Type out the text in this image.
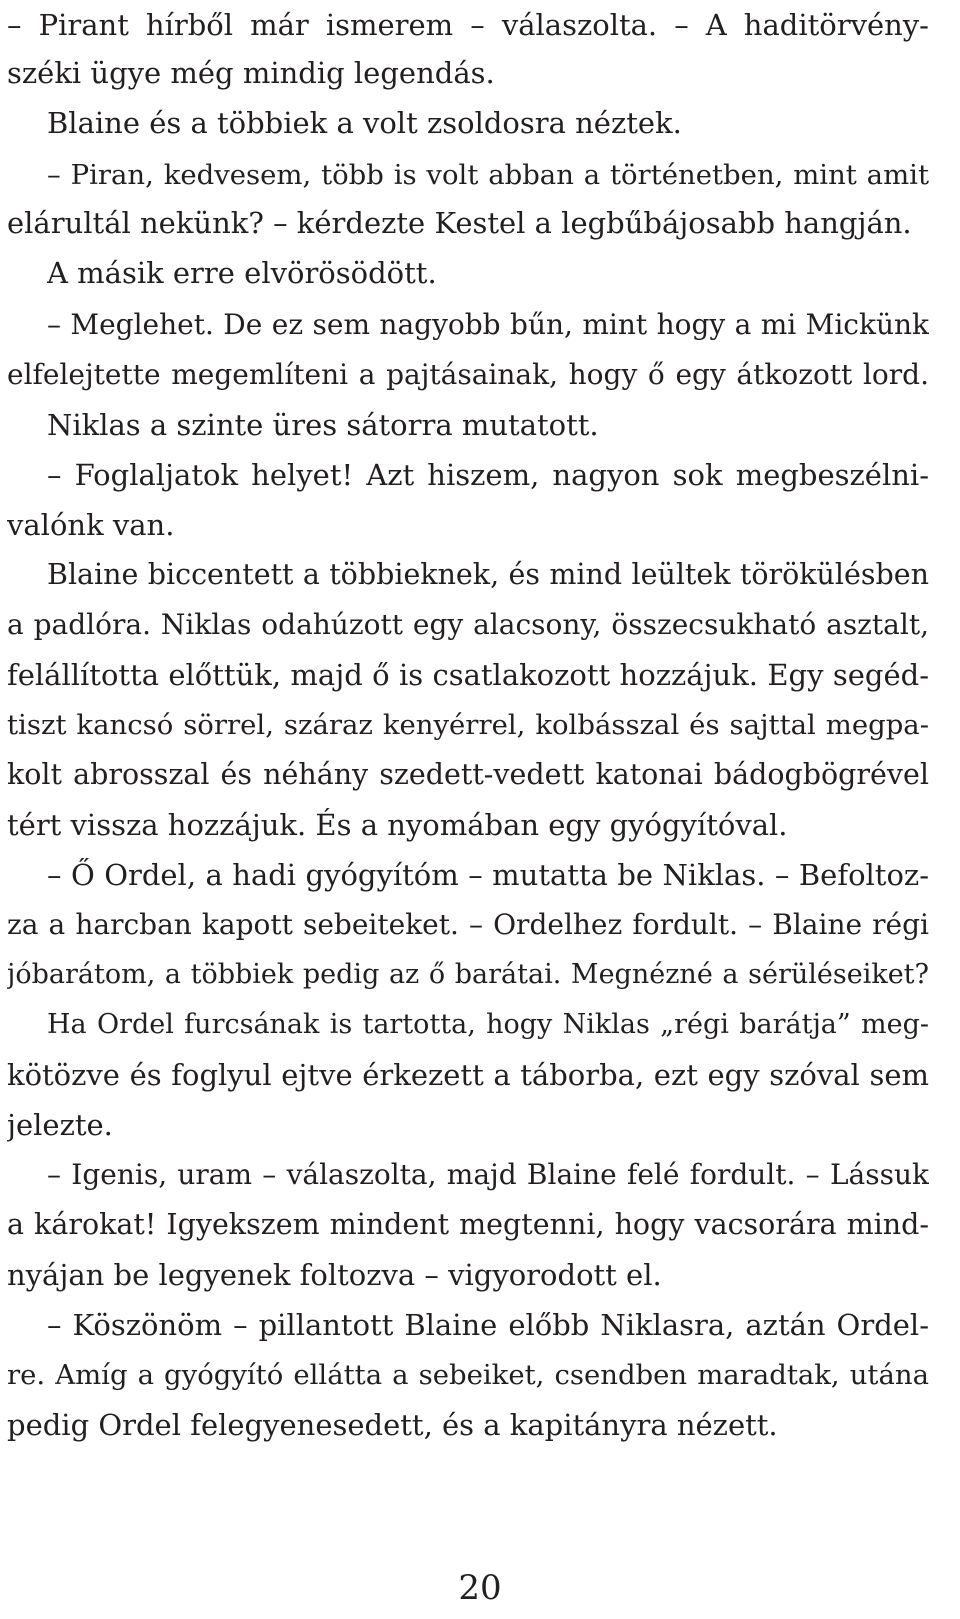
– Pirant hírből már ismerem – válaszolta. – A haditörvény-
széki ügye még mindig legendás.
Blaine és a többiek a volt zsoldosra néztek.
– Piran, kedvesem, több is volt abban a történetben, mint amit
elárultál nekünk? – kérdezte Kestel a legbűbájosabb hangján.
A másik erre elvörösödött.
– Meglehet. De ez sem nagyobb bűn, mint hogy a mi Mickünk
elfelejtette megemlíteni a pajtásainak, hogy ő egy átkozott lord.
Niklas a szinte üres sátorra mutatott.
– Foglaljatok helyet! Azt hiszem, nagyon sok megbeszélni-
valónk van.
Blaine biccentett a többieknek, és mind leültek törökülésben
a padlóra. Niklas odahúzott egy alacsony, összecsukható asztalt,
felállította előttük, majd ő is csatlakozott hozzájuk. Egy segéd-
tiszt kancsó sörrel, száraz kenyérrel, kolbásszal és sajttal megpa-
kolt abrosszal és néhány szedett-vedett katonai bádogbögrével
tért vissza hozzájuk. És a nyomában egy gyógyítóval.
– Ő Ordel, a hadi gyógyítóm – mutatta be Niklas. – Befoltoz-
za a harcban kapott sebeiteket. – Ordelhez fordult. – Blaine régi
jóbarátom, a többiek pedig az ő barátai. Megnézné a sérüléseiket?
Ha Ordel furcsának is tartotta, hogy Niklas „régi barátja” meg-
kötözve és foglyul ejtve érkezett a táborba, ezt egy szóval sem
jelezte.
– Igenis, uram – válaszolta, majd Blaine felé fordult. – Lássuk
a károkat! Igyekszem mindent megtenni, hogy vacsorára mind-
nyájan be legyenek foltozva – vigyorodott el.
– Köszönöm – pillantott Blaine előbb Niklasra, aztán Ordel-
re. Amíg a gyógyító ellátta a sebeiket, csendben maradtak, utána
pedig Ordel felegyenesedett, és a kapitányra nézett.
20
